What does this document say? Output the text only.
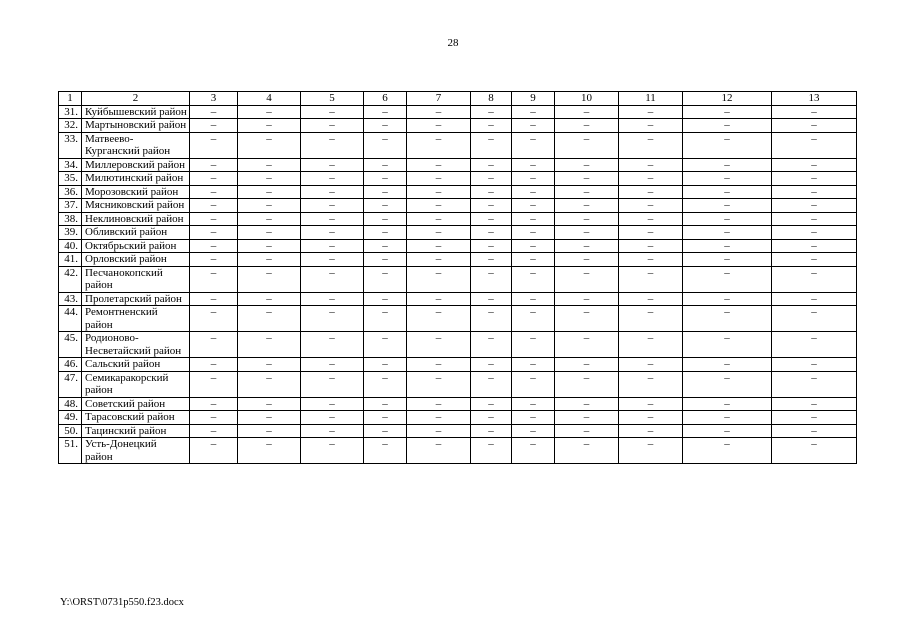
28
1	2	3	4	5	6	7	8	9	10	11	12	13
31.	Куйбышевский район	–	–	–	–	–	–	–	–	–	–	–
32.	Мартыновский район	–	–	–	–	–	–	–	–	–	–	–
33.	Матвеево-Курганский район	–	–	–	–	–	–	–	–	–	–	–
34.	Миллеровский район	–	–	–	–	–	–	–	–	–	–	–
35.	Милютинский район	–	–	–	–	–	–	–	–	–	–	–
36.	Морозовский район	–	–	–	–	–	–	–	–	–	–	–
37.	Мясниковский район	–	–	–	–	–	–	–	–	–	–	–
38.	Неклиновский район	–	–	–	–	–	–	–	–	–	–	–
39.	Обливский район	–	–	–	–	–	–	–	–	–	–	–
40.	Октябрьский район	–	–	–	–	–	–	–	–	–	–	–
41.	Орловский район	–	–	–	–	–	–	–	–	–	–	–
42.	Песчанокопский район	–	–	–	–	–	–	–	–	–	–	–
43.	Пролетарский район	–	–	–	–	–	–	–	–	–	–	–
44.	Ремонтненский район	–	–	–	–	–	–	–	–	–	–	–
45.	Родионово-Несветайский район	–	–	–	–	–	–	–	–	–	–	–
46.	Сальский район	–	–	–	–	–	–	–	–	–	–	–
47.	Семикаракорский район	–	–	–	–	–	–	–	–	–	–	–
48.	Советский район	–	–	–	–	–	–	–	–	–	–	–
49.	Тарасовский район	–	–	–	–	–	–	–	–	–	–	–
50.	Тацинский район	–	–	–	–	–	–	–	–	–	–	–
51.	Усть-Донецкий район	–	–	–	–	–	–	–	–	–	–	–
Y:\ORST\0731p550.f23.docx
